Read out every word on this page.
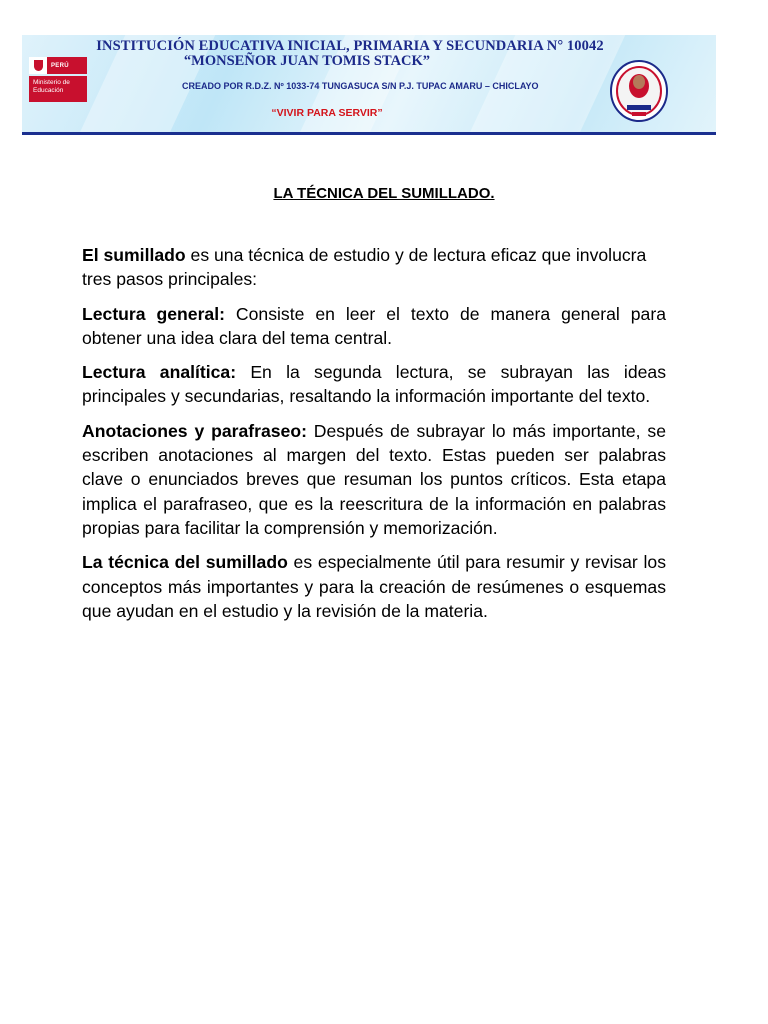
PERÚ
Ministerio de Educación
INSTITUCIÓN EDUCATIVA INICIAL, PRIMARIA Y SECUNDARIA N° 10042
“MONSEÑOR JUAN TOMIS STACK”
CREADO POR R.D.Z. Nº 1033-74 TUNGASUCA S/N P.J. TUPAC AMARU – CHICLAYO
“VIVIR PARA SERVIR”
LA TÉCNICA DEL SUMILLADO.

El sumillado es una técnica de estudio y de lectura eficaz que involucra tres pasos principales:

Lectura general: Consiste en leer el texto de manera general para obtener una idea clara del tema central.

Lectura analítica: En la segunda lectura, se subrayan las ideas principales y secundarias, resaltando la información importante del texto.

Anotaciones y parafraseo: Después de subrayar lo más importante, se escriben anotaciones al margen del texto. Estas pueden ser palabras clave o enunciados breves que resuman los puntos críticos. Esta etapa implica el parafraseo, que es la reescritura de la información en palabras propias para facilitar la comprensión y memorización.

La técnica del sumillado es especialmente útil para resumir y revisar los conceptos más importantes y para la creación de resúmenes o esquemas que ayudan en el estudio y la revisión de la materia.
